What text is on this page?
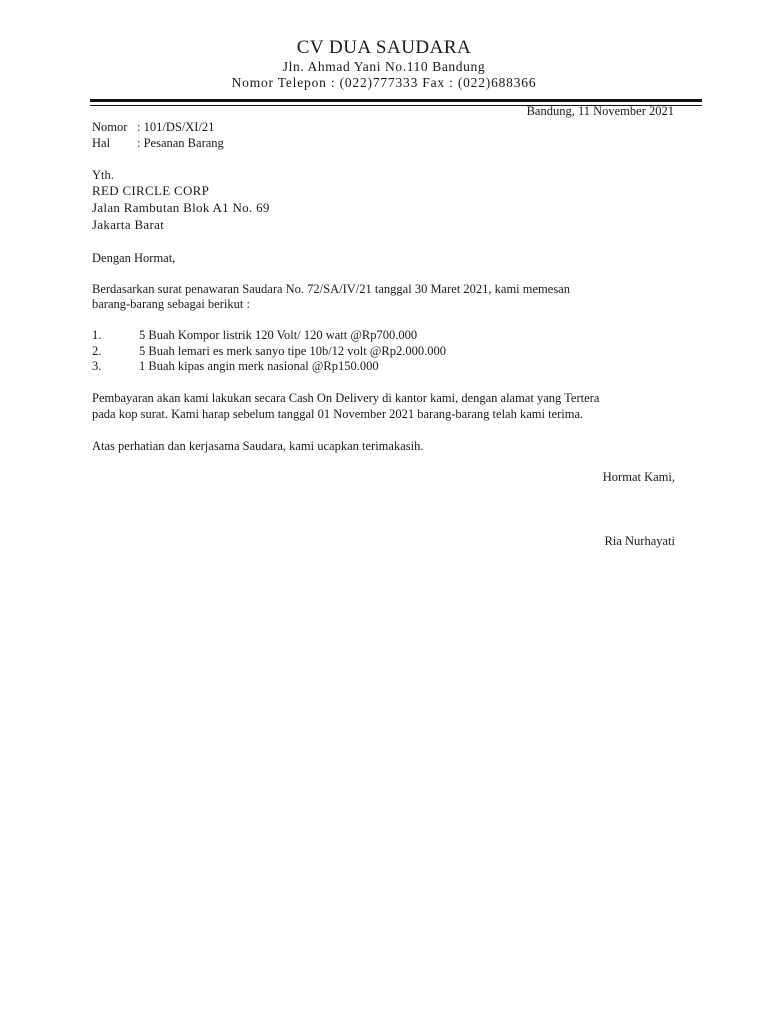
CV DUA SAUDARA
Jln. Ahmad Yani No.110 Bandung
Nomor Telepon : (022)777333 Fax : (022)688366
Bandung, 11 November 2021
Nomor : 101/DS/XI/21
Hal : Pesanan Barang
Yth.
RED CIRCLE CORP
Jalan Rambutan Blok A1 No. 69
Jakarta Barat
Dengan Hormat,
Berdasarkan surat penawaran Saudara No. 72/SA/IV/21 tanggal 30 Maret 2021, kami memesan
barang-barang sebagai berikut :
1.	5 Buah Kompor listrik 120 Volt/ 120 watt @Rp700.000
2.	5 Buah lemari es merk sanyo tipe 10b/12 volt @Rp2.000.000
3.	1 Buah kipas angin merk nasional @Rp150.000
Pembayaran akan kami lakukan secara Cash On Delivery di kantor kami, dengan alamat yang Tertera
pada kop surat. Kami harap sebelum tanggal 01 November 2021 barang-barang telah kami terima.
Atas perhatian dan kerjasama Saudara, kami ucapkan terimakasih.
Hormat Kami,
Ria Nurhayati
